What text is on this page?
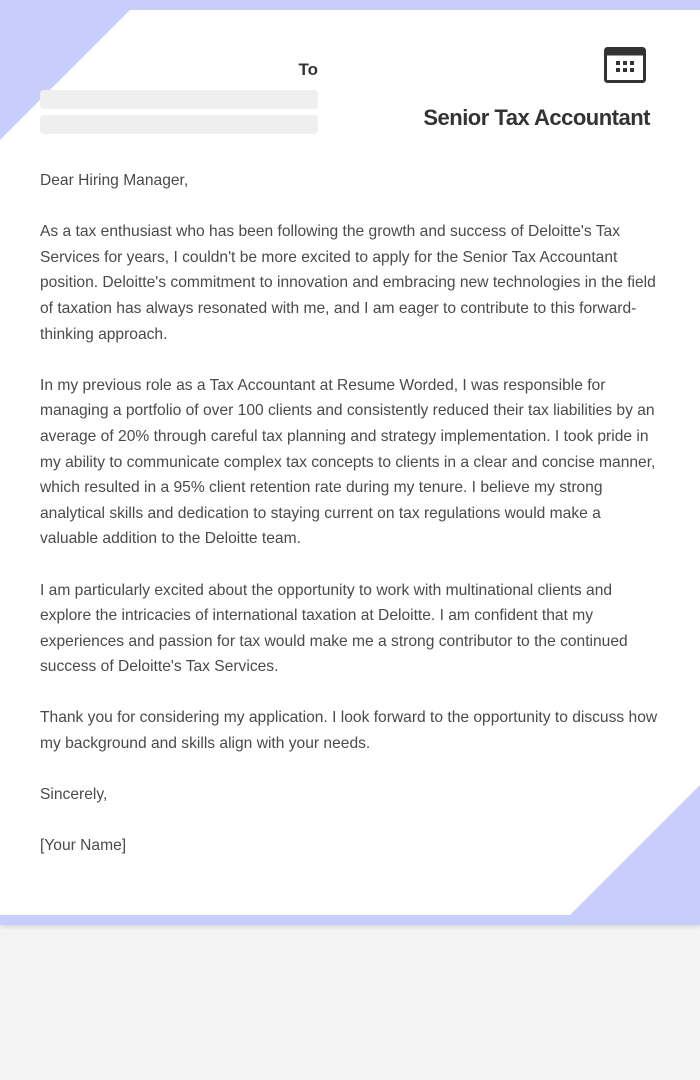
To
Senior Tax Accountant

Dear Hiring Manager,

As a tax enthusiast who has been following the growth and success of Deloitte's Tax Services for years, I couldn't be more excited to apply for the Senior Tax Accountant position. Deloitte's commitment to innovation and embracing new technologies in the field of taxation has always resonated with me, and I am eager to contribute to this forward-thinking approach.

In my previous role as a Tax Accountant at Resume Worded, I was responsible for managing a portfolio of over 100 clients and consistently reduced their tax liabilities by an average of 20% through careful tax planning and strategy implementation. I took pride in my ability to communicate complex tax concepts to clients in a clear and concise manner, which resulted in a 95% client retention rate during my tenure. I believe my strong analytical skills and dedication to staying current on tax regulations would make a valuable addition to the Deloitte team.

I am particularly excited about the opportunity to work with multinational clients and explore the intricacies of international taxation at Deloitte. I am confident that my experiences and passion for tax would make me a strong contributor to the continued success of Deloitte's Tax Services.

Thank you for considering my application. I look forward to the opportunity to discuss how my background and skills align with your needs.

Sincerely,

[Your Name]
